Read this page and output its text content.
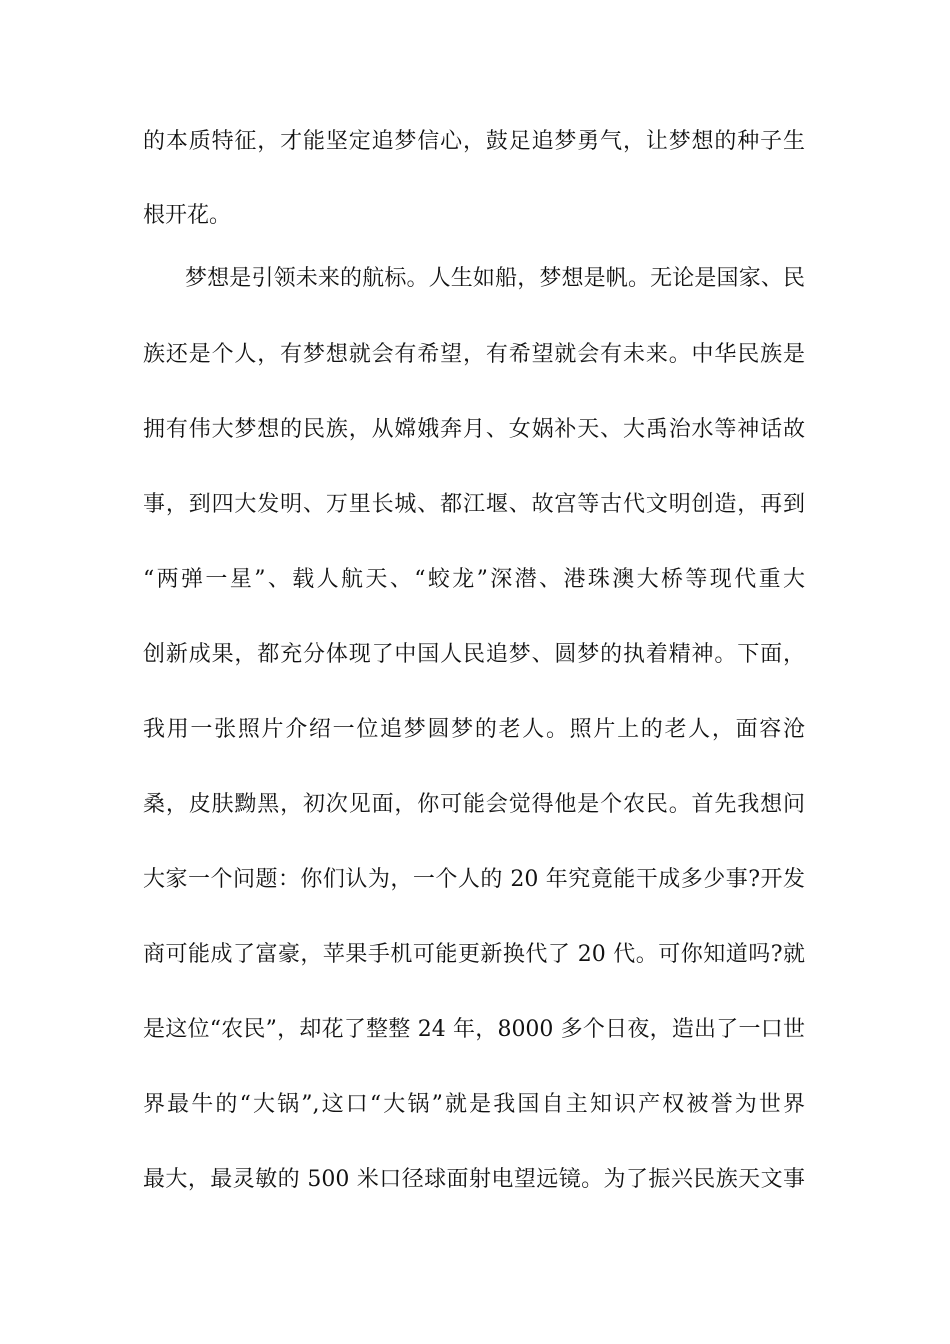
的本质特征，才能坚定追梦信心，鼓足追梦勇气，让梦想的种子生
根开花。
梦想是引领未来的航标。人生如船，梦想是帆。无论是国家、民
族还是个人，有梦想就会有希望，有希望就会有未来。中华民族是
拥有伟大梦想的民族，从嫦娥奔月、女娲补天、大禹治水等神话故
事，到四大发明、万里长城、都江堰、故宫等古代文明创造，再到
“两弹一星”、载人航天、“蛟龙”深潜、港珠澳大桥等现代重大
创新成果，都充分体现了中国人民追梦、圆梦的执着精神。下面，
我用一张照片介绍一位追梦圆梦的老人。照片上的老人，面容沧
桑，皮肤黝黑，初次见面，你可能会觉得他是个农民。首先我想问
大家一个问题：你们认为，一个人的 20 年究竟能干成多少事?开发
商可能成了富豪，苹果手机可能更新换代了 20 代。可你知道吗?就
是这位“农民”，却花了整整 24 年，8000 多个日夜，造出了一口世
界最牛的“大锅”,这口“大锅”就是我国自主知识产权被誉为世界
最大，最灵敏的 500 米口径球面射电望远镜。为了振兴民族天文事
